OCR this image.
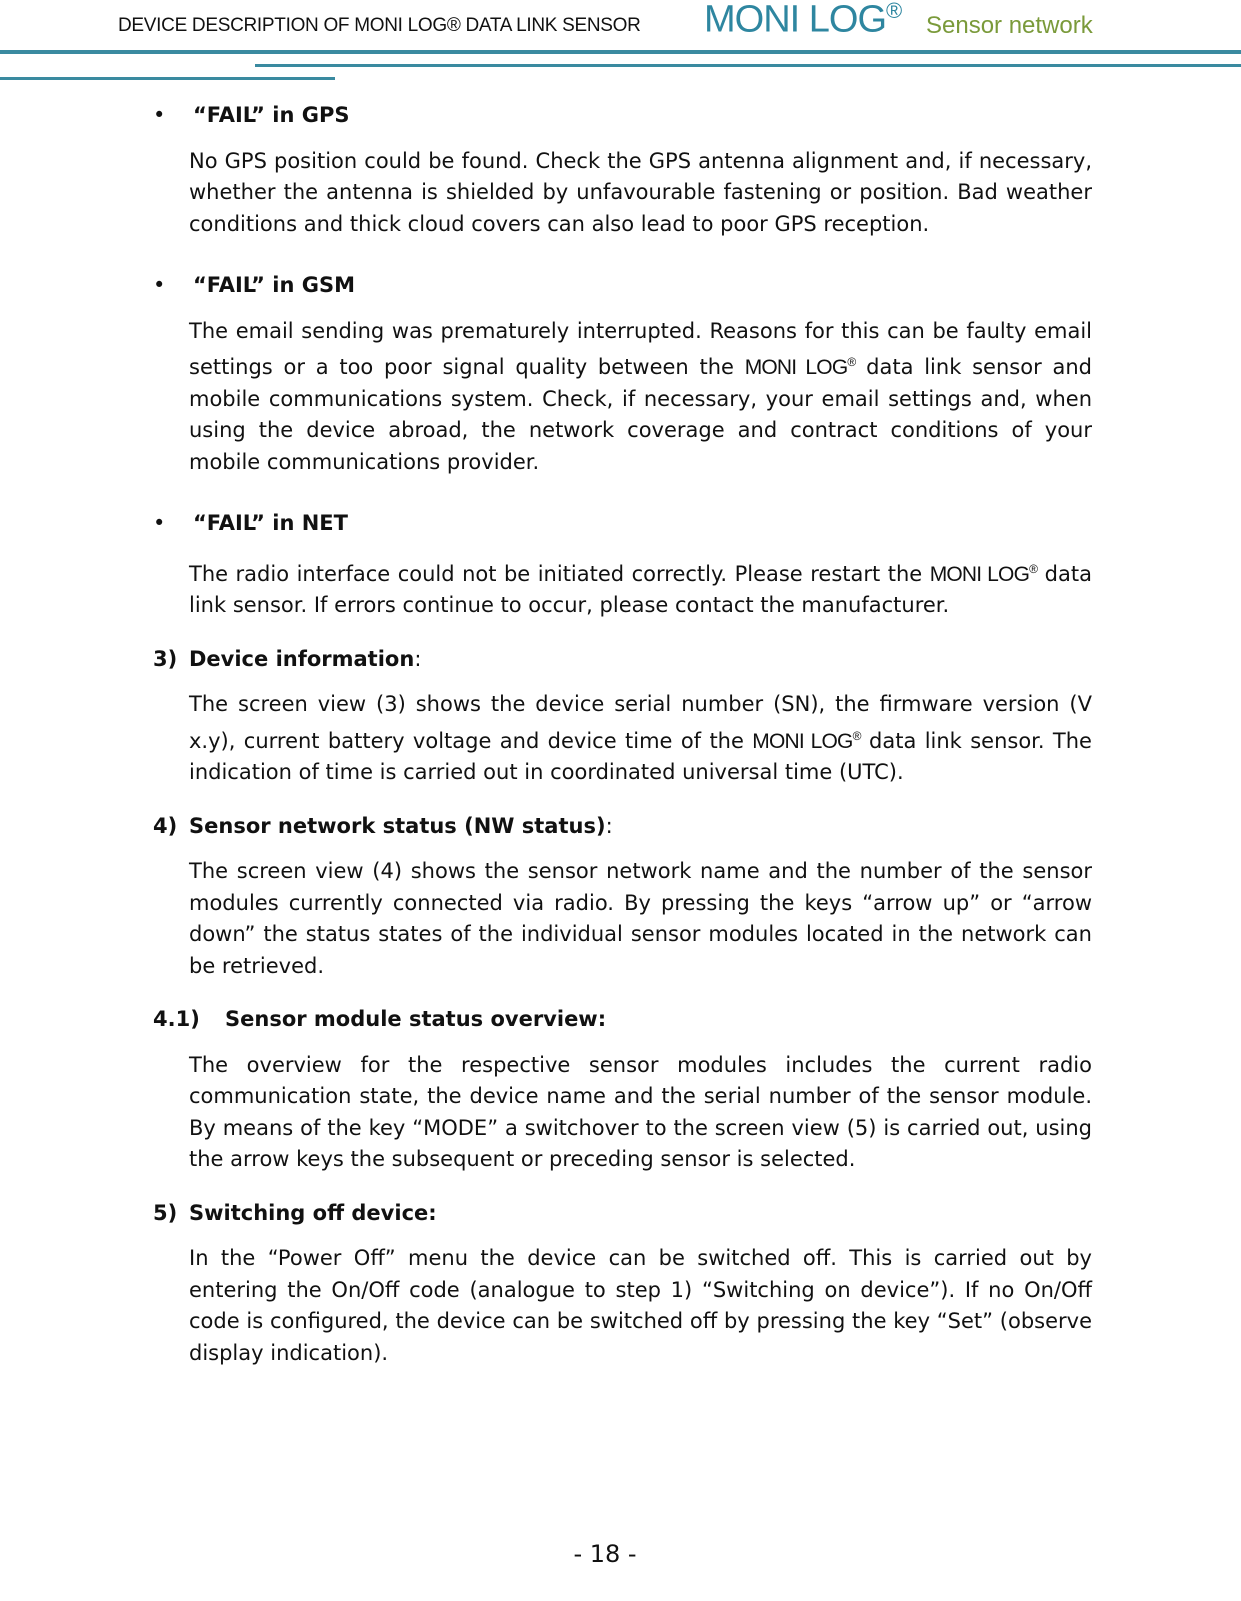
DEVICE DESCRIPTION OF MONI LOG® DATA LINK SENSOR MONI LOG®
Sensor network

• “FAIL” in GPS

No GPS position could be found. Check the GPS antenna alignment and, if necessary, whether the antenna is shielded by unfavourable fastening or position. Bad weather conditions and thick cloud covers can also lead to poor GPS reception.

• “FAIL” in GSM

The email sending was prematurely interrupted. Reasons for this can be faulty email settings or a too poor signal quality between the MONI LOG® data link sensor and mobile communications system. Check, if necessary, your email settings and, when using the device abroad, the network coverage and contract conditions of your mobile communications provider.

• “FAIL” in NET

The radio interface could not be initiated correctly. Please restart the MONI LOG® data link sensor. If errors continue to occur, please contact the manufacturer.

3) Device information:

The screen view (3) shows the device serial number (SN), the firmware version (V x.y), current battery voltage and device time of the MONI LOG® data link sensor. The indication of time is carried out in coordinated universal time (UTC).

4) Sensor network status (NW status):

The screen view (4) shows the sensor network name and the number of the sensor modules currently connected via radio. By pressing the keys “arrow up” or “arrow down” the status states of the individual sensor modules located in the network can be retrieved.

4.1) Sensor module status overview:

The overview for the respective sensor modules includes the current radio communication state, the device name and the serial number of the sensor module. By means of the key “MODE” a switchover to the screen view (5) is carried out, using the arrow keys the subsequent or preceding sensor is selected.

5) Switching off device:

In the “Power Off” menu the device can be switched off. This is carried out by entering the On/Off code (analogue to step 1) “Switching on device”). If no On/Off code is configured, the device can be switched off by pressing the key “Set” (observe display indication).

- 18 -
